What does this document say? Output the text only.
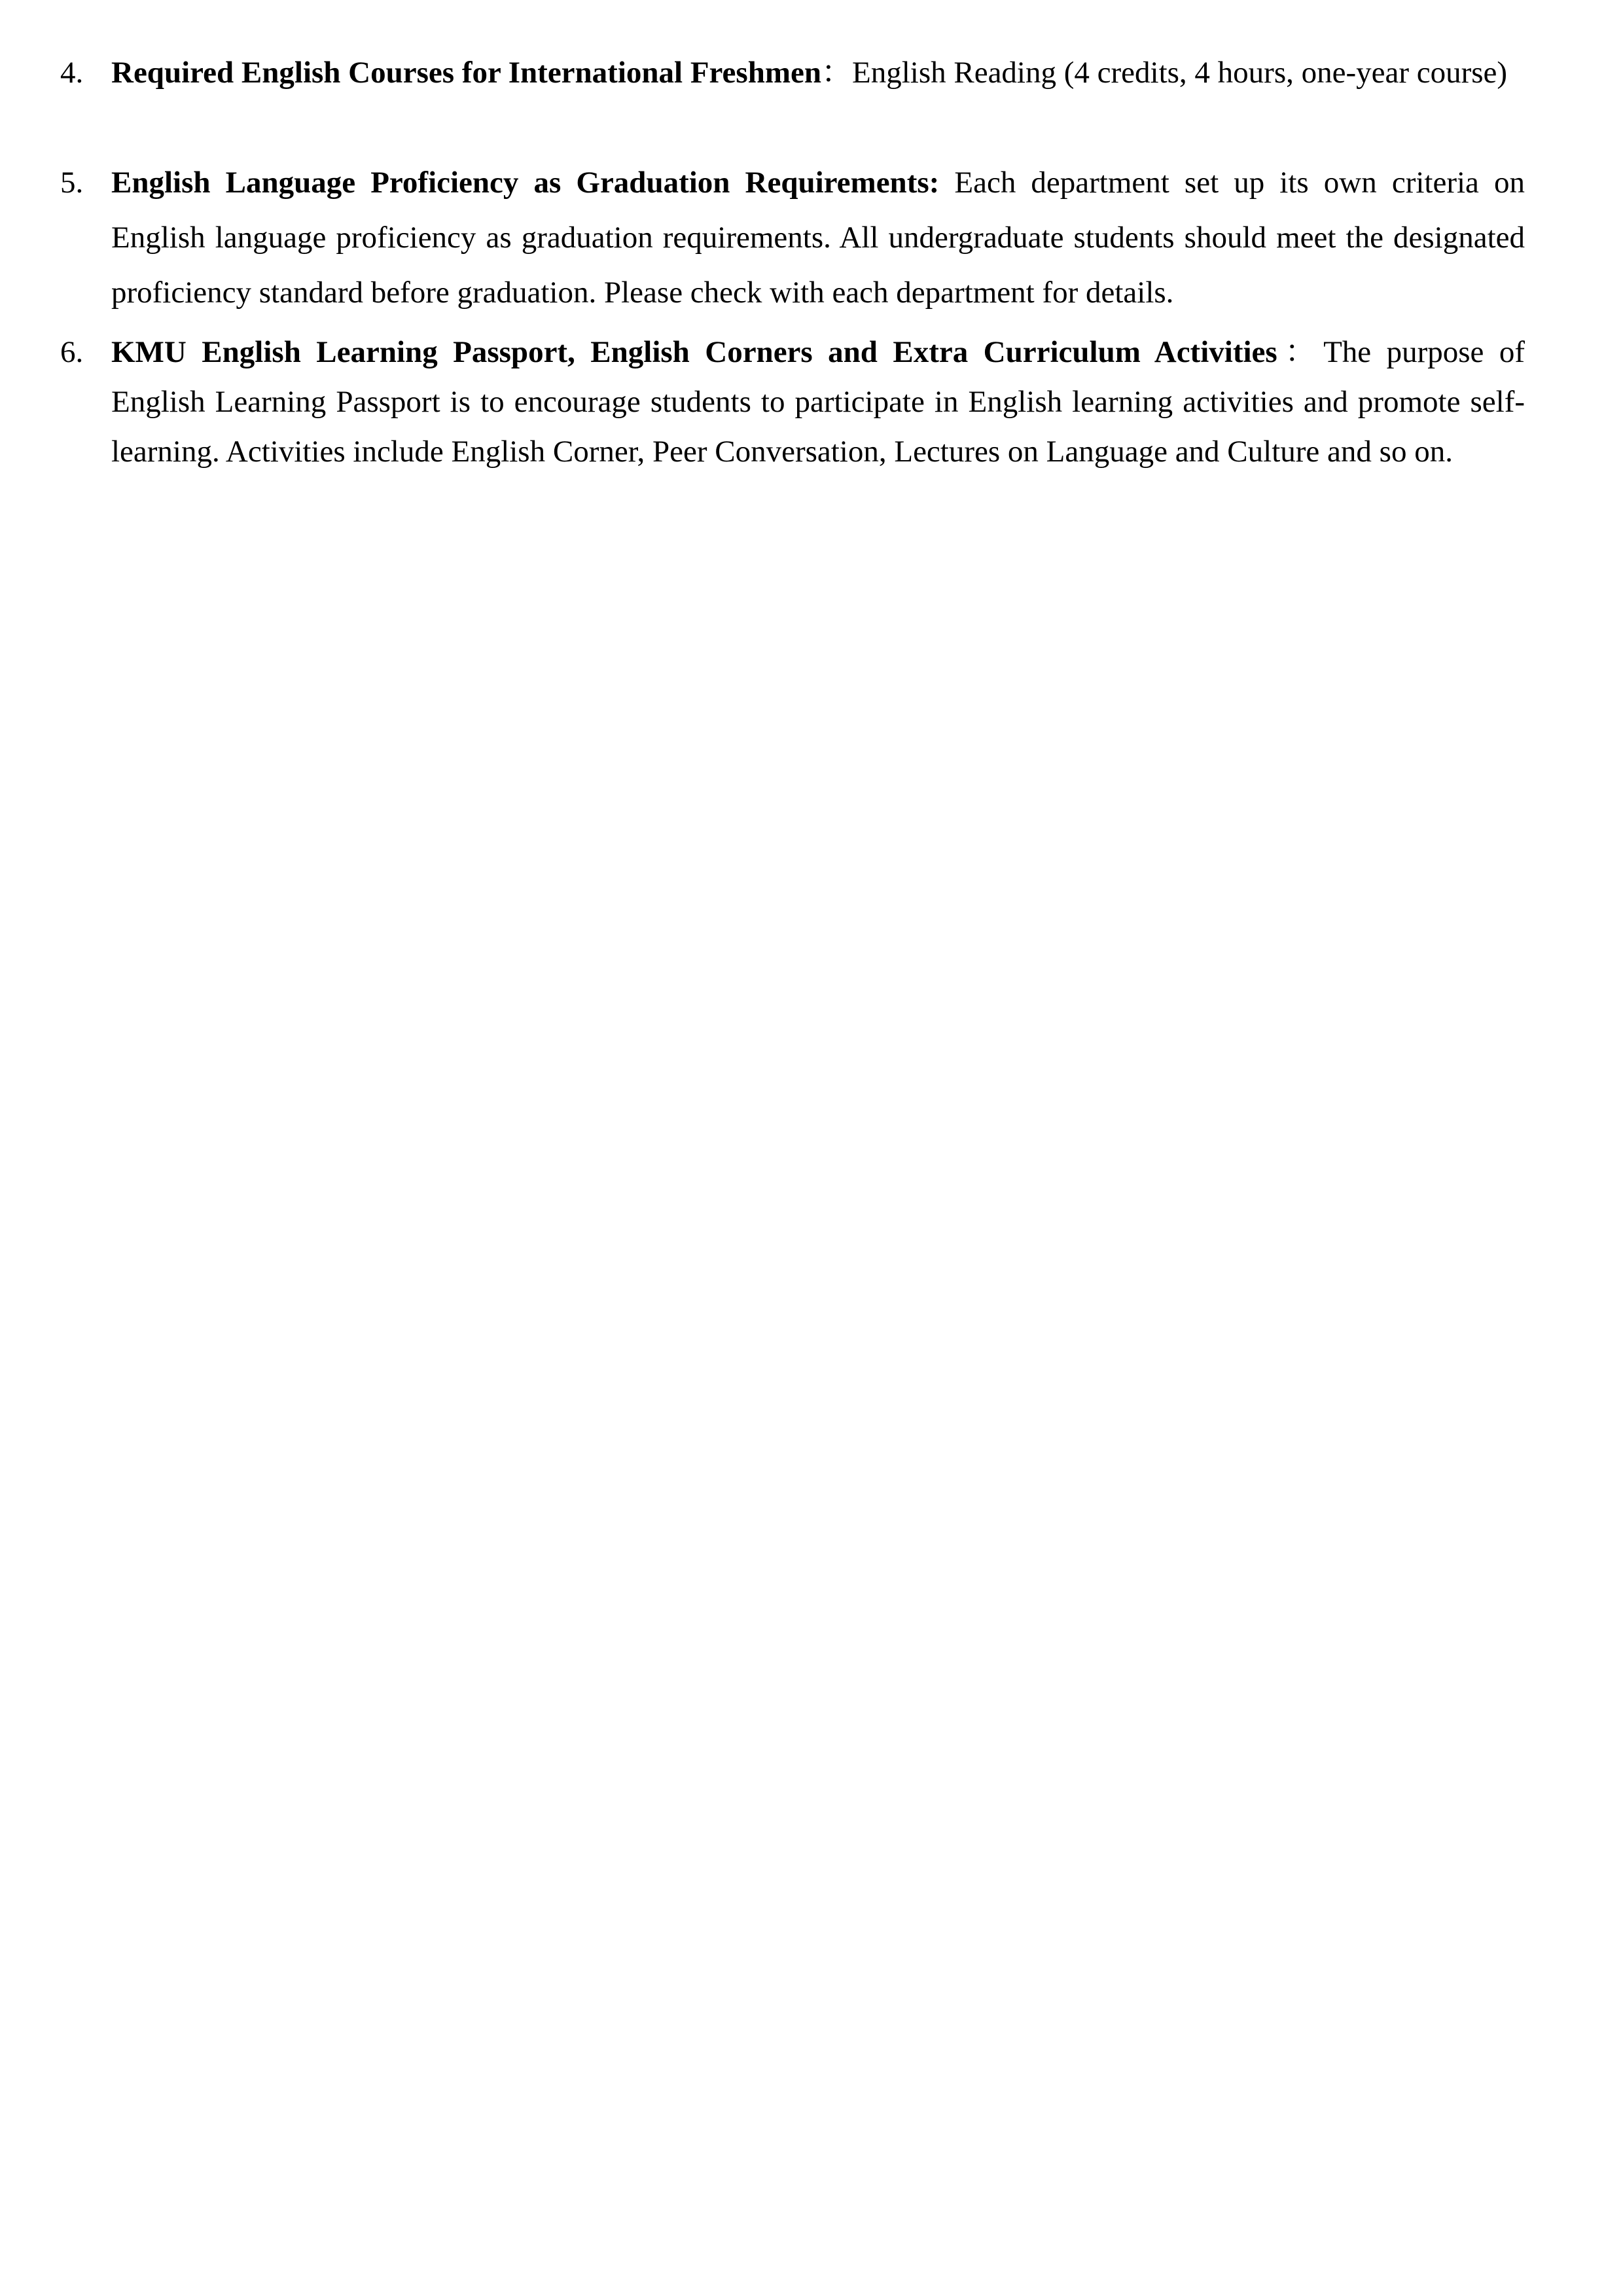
4. Required English Courses for International Freshmen：English Reading (4 credits, 4 hours, one-year course)
5. English Language Proficiency as Graduation Requirements: Each department set up its own criteria on English language proficiency as graduation requirements. All undergraduate students should meet the designated proficiency standard before graduation. Please check with each department for details.
6. KMU English Learning Passport, English Corners and Extra Curriculum Activities：The purpose of English Learning Passport is to encourage students to participate in English learning activities and promote self-learning. Activities include English Corner, Peer Conversation, Lectures on Language and Culture and so on.
